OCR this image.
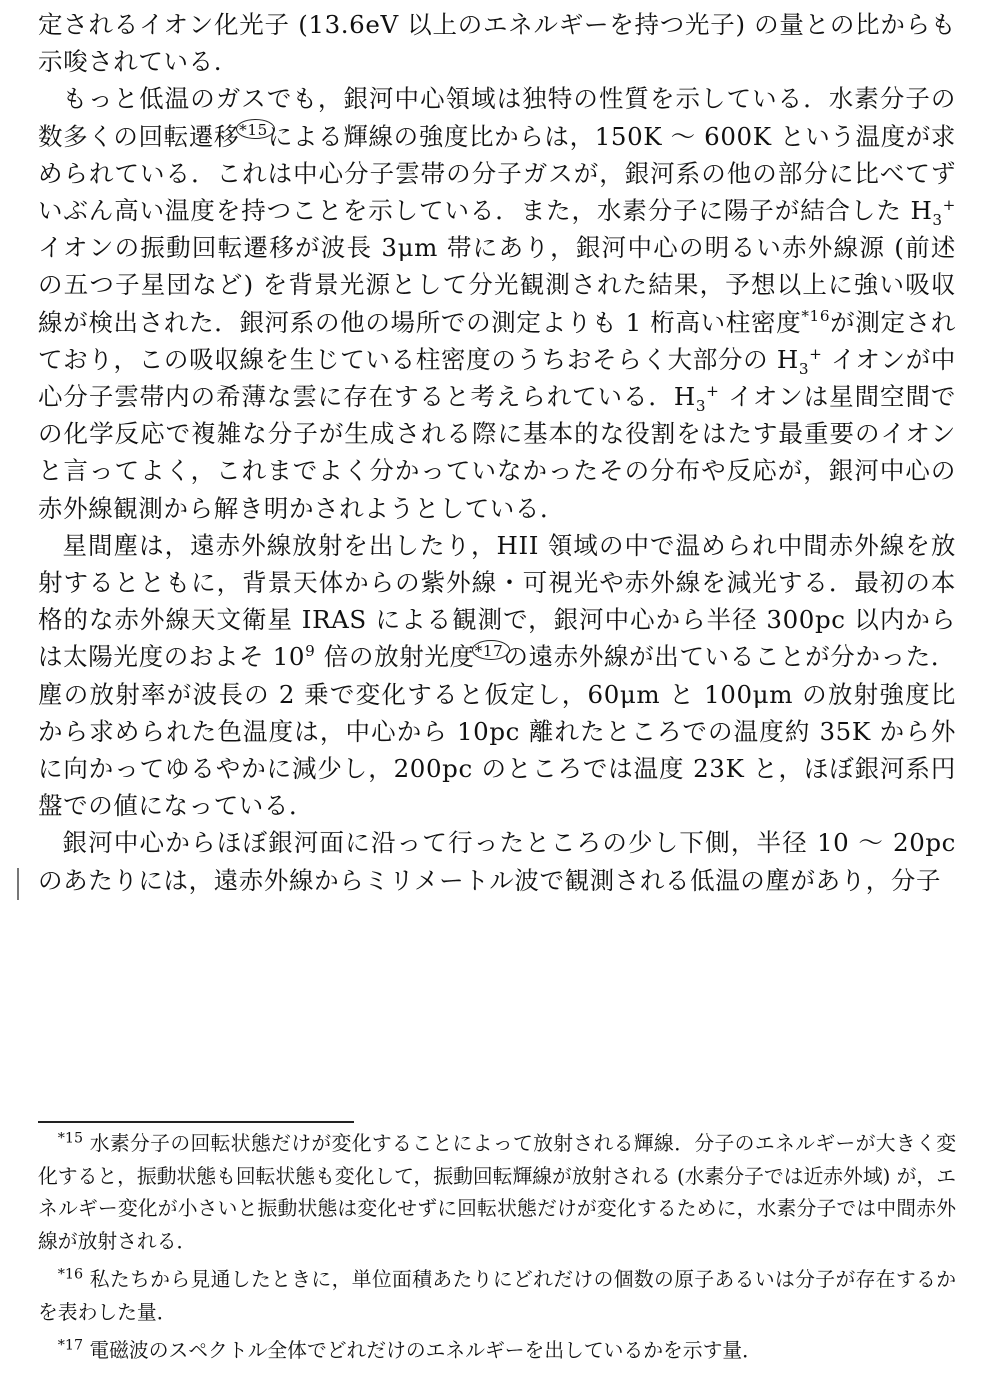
定されるイオン化光子 (13.6eV 以上のエネルギーを持つ光子) の量との比からも示唆されている.

もっと低温のガスでも，銀河中心領域は独特の性質を示している．水素分子の数多くの回転遷移$^{*15}$による輝線の強度比からは，150K ～ 600K という温度が求められている．これは中心分子雲帯の分子ガスが，銀河系の他の部分に比べてずいぶん高い温度を持つことを示している．また，水素分子に陽子が結合した $H_3^+$ イオンの振動回転遷移が波長 3μm 帯にあり，銀河中心の明るい赤外線源 (前述の五つ子星団など) を背景光源として分光観測された結果，予想以上に強い吸収線が検出された．銀河系の他の場所での測定よりも 1 桁高い柱密度$^{*16}$が測定されており，この吸収線を生じている柱密度のうちおそらく大部分の $H_3^+$ イオンが中心分子雲帯内の希薄な雲に存在すると考えられている．$H_3^+$ イオンは星間空間での化学反応で複雑な分子が生成される際に基本的な役割をはたす最重要のイオンと言ってよく，これまでよく分かっていなかったその分布や反応が，銀河中心の赤外線観測から解き明かされようとしている．

星間塵は，遠赤外線放射を出したり，HII 領域の中で温められ中間赤外線を放射するとともに，背景天体からの紫外線・可視光や赤外線を減光する．最初の本格的な赤外線天文衛星 IRAS による観測で，銀河中心から半径 300pc 以内からは太陽光度のおよそ $10^9$ 倍の放射光度$^{*17}$の遠赤外線が出ていることが分かった．塵の放射率が波長の 2 乗で変化すると仮定し，60μm と 100μm の放射強度比から求められた色温度は，中心から 10pc 離れたところでの温度約 35K から外に向かってゆるやかに減少し，200pc のところでは温度 23K と，ほぼ銀河系円盤での値になっている．

銀河中心からほぼ銀河面に沿って行ったところの少し下側，半径 10 ～ 20pc のあたりには，遠赤外線からミリメートル波で観測される低温の塵があり，分子

$^{*15}$ 水素分子の回転状態だけが変化することによって放射される輝線．分子のエネルギーが大きく変化すると，振動状態も回転状態も変化して，振動回転輝線が放射される (水素分子では近赤外域) が，エネルギー変化が小さいと振動状態は変化せずに回転状態だけが変化するために，水素分子では中間赤外線が放射される．

$^{*16}$ 私たちから見通したときに，単位面積あたりにどれだけの個数の原子あるいは分子が存在するかを表わした量．

$^{*17}$ 電磁波のスペクトル全体でどれだけのエネルギーを出しているかを示す量．
